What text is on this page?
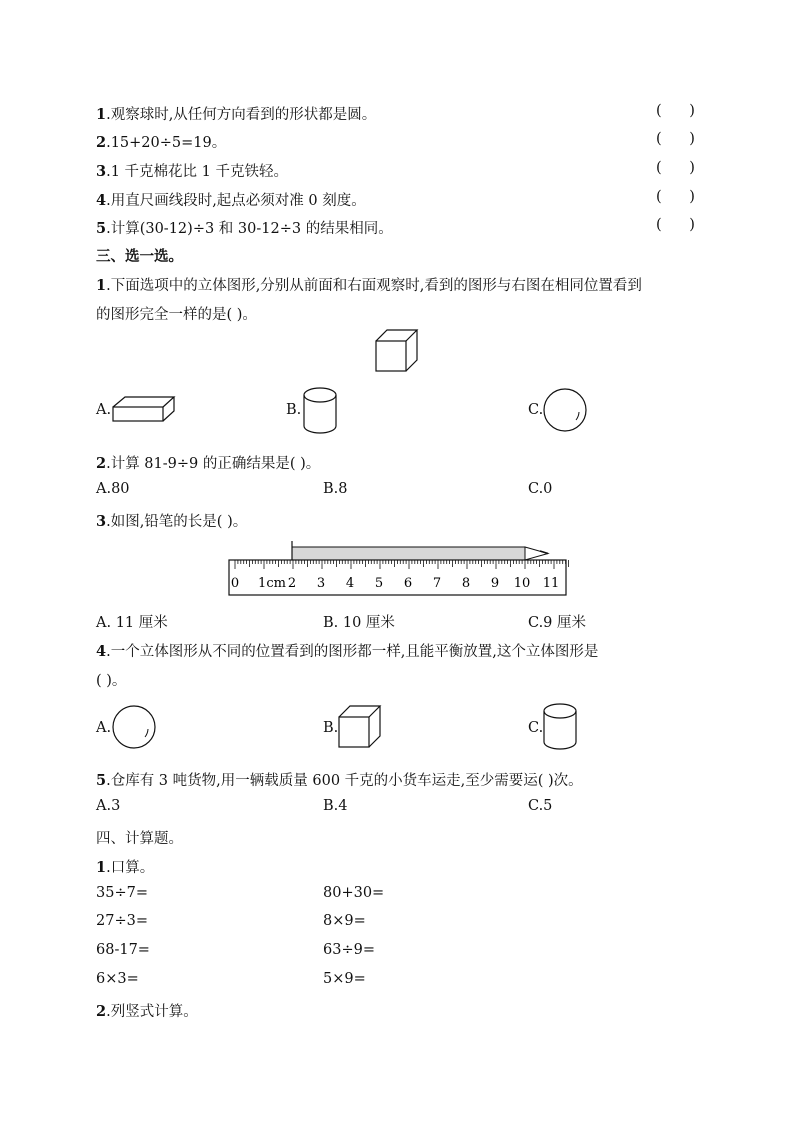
1.观察球时,从任何方向看到的形状都是圆。	(      )
2.15+20÷5=19。	(      )
3.1 千克棉花比 1 千克铁轻。	(      )
4.用直尺画线段时,起点必须对准 0 刻度。	(      )
5.计算(30-12)÷3 和 30-12÷3 的结果相同。	(      )
三、选一选。
1.下面选项中的立体图形,分别从前面和右面观察时,看到的图形与右图在相同位置看到
的图形完全一样的是( )。
A.	B.	C.
2.计算 81-9÷9 的正确结果是( )。
A.80	B.8	C.0
3.如图,铅笔的长是( )。
0 1cm 2 3 4 5 6 7 8 9 10 11
A. 11 厘米	B. 10 厘米	C.9 厘米
4.一个立体图形从不同的位置看到的图形都一样,且能平衡放置,这个立体图形是
( )。
A.	B.	C.
5.仓库有 3 吨货物,用一辆载质量 600 千克的小货车运走,至少需要运( )次。
A.3	B.4	C.5
四、计算题。
1.口算。
35÷7=	80+30=
27÷3=	8×9=
68-17=	63÷9=
6×3=	5×9=
2.列竖式计算。
